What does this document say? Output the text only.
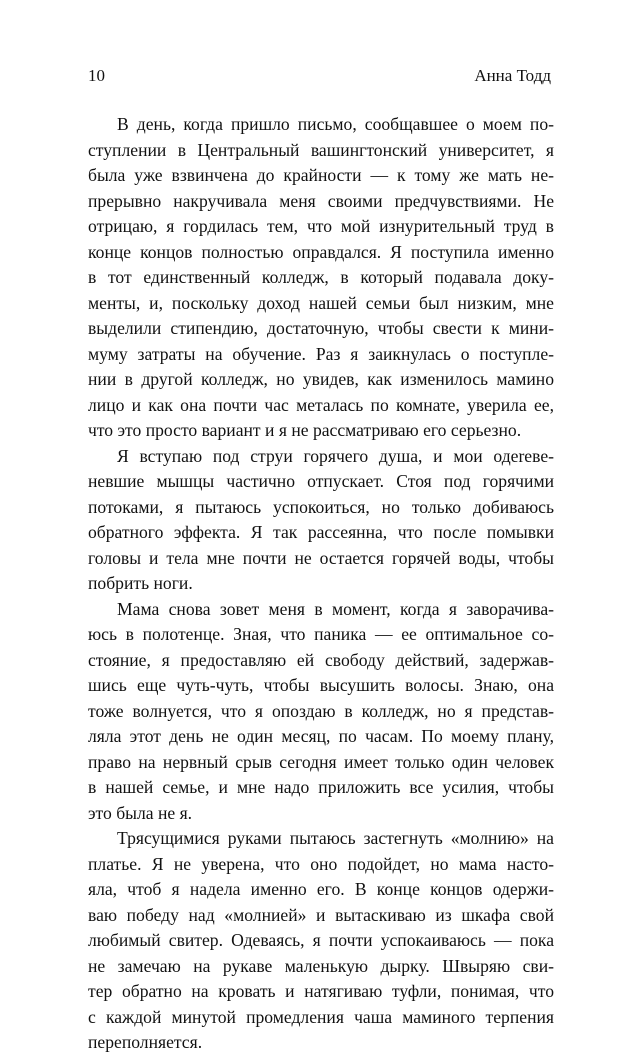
10	Анна Тодд

В день, когда пришло письмо, сообщавшее о моем по-
ступлении в Центральный вашингтонский университет, я
была уже взвинчена до крайности — к тому же мать не-
прерывно накручивала меня своими предчувствиями. Не
отрицаю, я гордилась тем, что мой изнурительный труд в
конце концов полностью оправдался. Я поступила именно
в тот единственный колледж, в который подавала доку-
менты, и, поскольку доход нашей семьи был низким, мне
выделили стипендию, достаточную, чтобы свести к мини-
муму затраты на обучение. Раз я заикнулась о поступле-
нии в другой колледж, но увидев, как изменилось мамино
лицо и как она почти час металась по комнате, уверила ее,
что это просто вариант и я не рассматриваю его серьезно.

Я вступаю под струи горячего душа, и мои одereве-
невшие мышцы частично отпускает. Стоя под горячими
потоками, я пытаюсь успокоиться, но только добиваюсь
обратного эффекта. Я так рассеянна, что после помывки
головы и тела мне почти не остается горячей воды, чтобы
побрить ноги.

Мама снова зовет меня в момент, когда я заворачива-
юсь в полотенце. Зная, что паника — ее оптимальное со-
стояние, я предоставляю ей свободу действий, задержав-
шись еще чуть-чуть, чтобы высушить волосы. Знаю, она
тоже волнуется, что я опоздаю в колледж, но я представ-
ляла этот день не один месяц, по часам. По моему плану,
право на нервный срыв сегодня имеет только один человек
в нашей семье, и мне надо приложить все усилия, чтобы
это была не я.

Трясущимися руками пытаюсь застегнуть «молнию» на
платье. Я не уверена, что оно подойдет, но мама насто-
яла, чтоб я надела именно его. В конце концов одержи-
ваю победу над «молнией» и вытаскиваю из шкафа свой
любимый свитер. Одеваясь, я почти успокаиваюсь — пока
не замечаю на рукаве маленькую дырку. Швыряю сви-
тер обратно на кровать и натягиваю туфли, понимая, что
с каждой минутой промедления чаша маминого терпения
переполняется.
